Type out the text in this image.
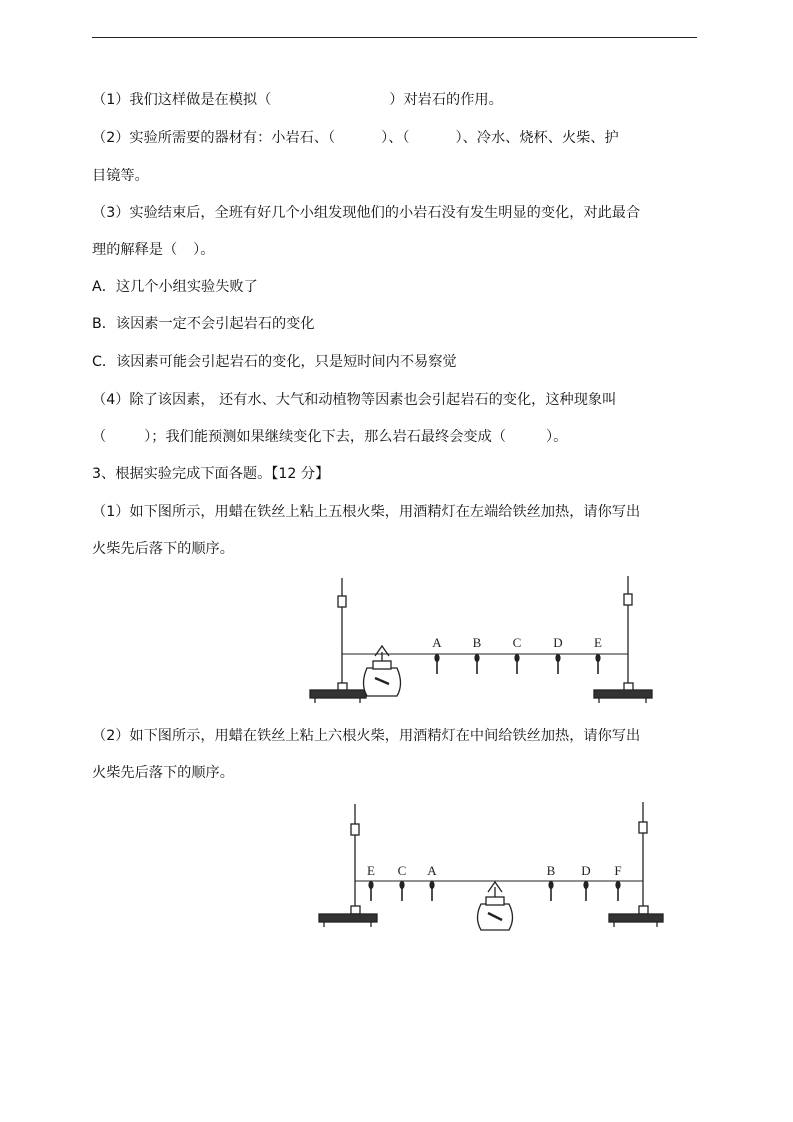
（1）我们这样做是在模拟（	）对岩石的作用。
（2）实验所需要的器材有：小岩石、（	）、（	）、冷水、烧杯、火柴、护
目镜等。
（3）实验结束后，全班有好几个小组发现他们的小岩石没有发生明显的变化，对此最合
理的解释是（ ）。
A．这几个小组实验失败了
B．该因素一定不会引起岩石的变化
C．该因素可能会引起岩石的变化，只是短时间内不易察觉
（4）除了该因素， 还有水、大气和动植物等因素也会引起岩石的变化，这种现象叫
（	）；我们能预测如果继续变化下去，那么岩石最终会变成（	）。
3、根据实验完成下面各题。【12 分】
（1）如下图所示，用蜡在铁丝上粘上五根火柴，用酒精灯在左端给铁丝加热，请你写出
火柴先后落下的顺序。
A B C D E
（2）如下图所示，用蜡在铁丝上粘上六根火柴，用酒精灯在中间给铁丝加热，请你写出
火柴先后落下的顺序。
E C A	B D F
